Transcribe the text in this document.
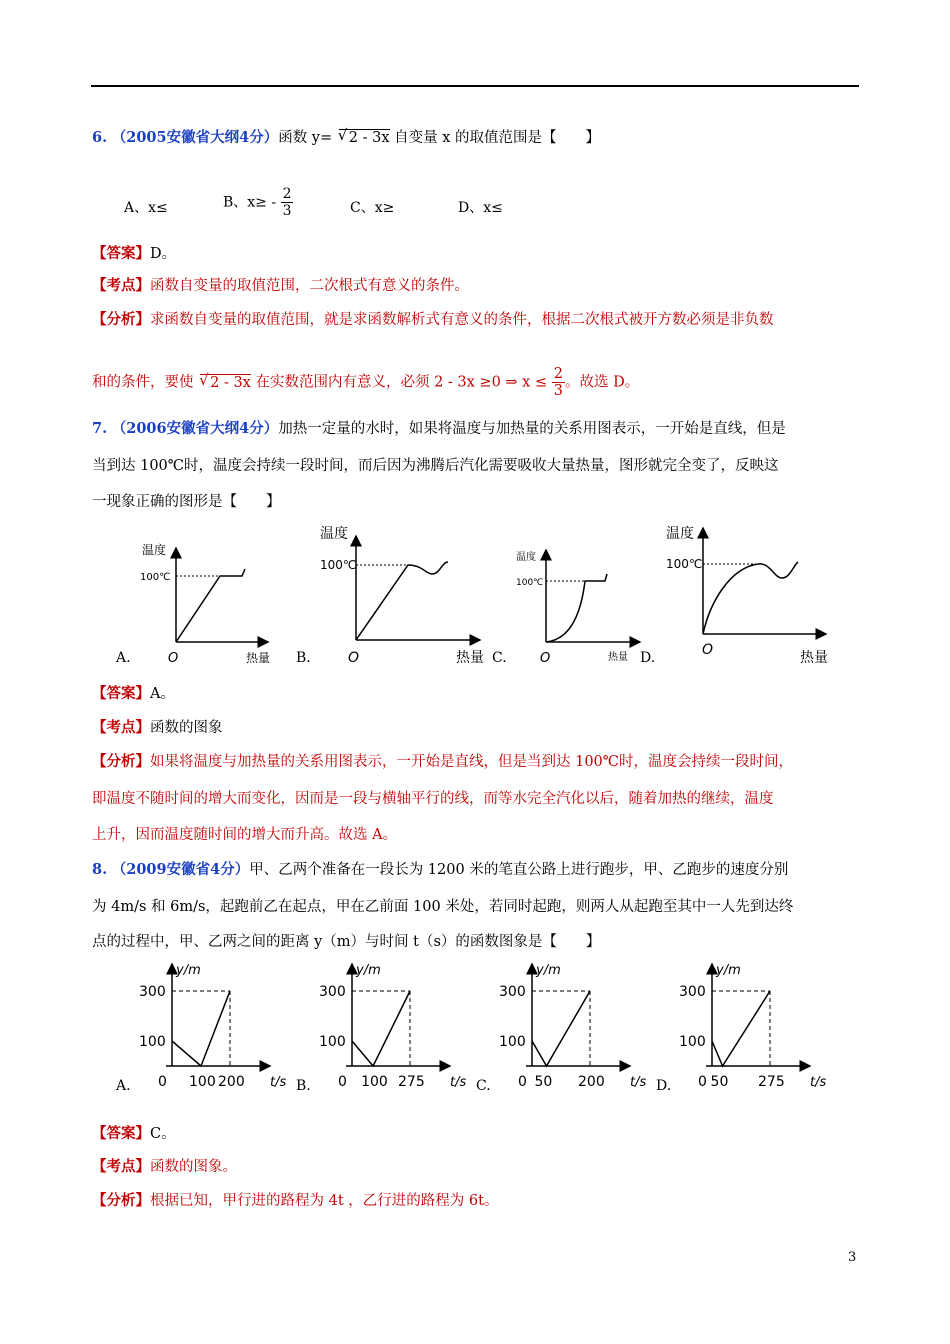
6. （2005安徽省大纲4分）函数 y= √ 2 - 3x 自变量 x 的取值范围是【　　】
A、x≤	B、$x\ge - \frac{2}{3}$	C、x≥	D、x≤
【答案】D。
【考点】函数自变量的取值范围，二次根式有意义的条件。
【分析】求函数自变量的取值范围，就是求函数解析式有意义的条件，根据二次根式被开方数必须是非负数
和的条件，要使 √ 2 - 3x 在实数范围内有意义，必须 2 - 3x ≥0 ⇒ $x \le \frac{2}{3}$ 。故选 D。
7. （2006安徽省大纲4分）加热一定量的水时，如果将温度与加热量的关系用图表示，一开始是直线，但是
当到达 100℃时，温度会持续一段时间，而后因为沸腾后汽化需要吸收大量热量，图形就完全变了，反映这
一现象正确的图形是【　　】
A.
温度
100℃
O	热量 B.
温度
100℃
O	热量 C.
温度
100℃
O	热量 D.
温度
100℃
O	热量
【答案】A。
【考点】函数的图象
【分析】如果将温度与加热量的关系用图表示，一开始是直线，但是当到达 100℃时，温度会持续一段时间，
即温度不随时间的增大而变化，因而是一段与横轴平行的线，而等水完全汽化以后，随着加热的继续，温度
上升，因而温度随时间的增大而升高。故选 A。
8. （2009安徽省4分）甲、乙两个准备在一段长为 1200 米的笔直公路上进行跑步，甲、乙跑步的速度分别
为 4m/s 和 6m/s，起跑前乙在起点，甲在乙前面 100 米处，若同时起跑，则两人从起跑至其中一人先到达终
点的过程中，甲、乙两之间的距离 y（m）与时间 t（s）的函数图象是【　　】
A.
y/m
t/s
300
100
0 100 200	B.
y/m
t/s
300
100
0 100 275	C.
y/m
t/s
300
100
0 50 200	D.
y/m
t/s
300
100
0 50 275
【答案】C。
【考点】函数的图象。
【分析】根据已知，甲行进的路程为 4t ，乙行进的路程为 6t。
3
